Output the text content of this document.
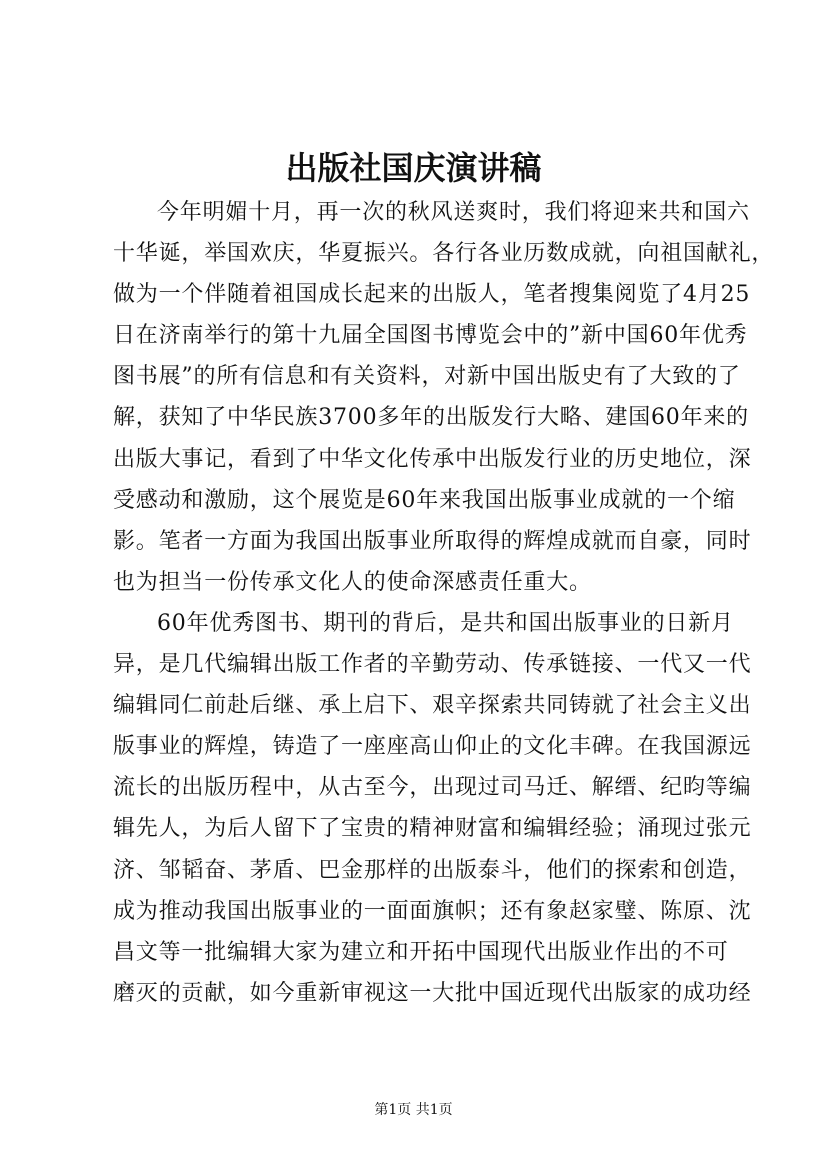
出版社国庆演讲稿
今年明媚十月，再一次的秋风送爽时，我们将迎来共和国六
十华诞，举国欢庆，华夏振兴。各行各业历数成就，向祖国献礼，
做为一个伴随着祖国成长起来的出版人，笔者搜集阅览了4月25
日在济南举行的第十九届全国图书博览会中的”新中国60年优秀
图书展”的所有信息和有关资料，对新中国出版史有了大致的了
解，获知了中华民族3700多年的出版发行大略、建国60年来的
出版大事记，看到了中华文化传承中出版发行业的历史地位，深
受感动和激励，这个展览是60年来我国出版事业成就的一个缩
影。笔者一方面为我国出版事业所取得的辉煌成就而自豪，同时
也为担当一份传承文化人的使命深感责任重大。
60年优秀图书、期刊的背后，是共和国出版事业的日新月
异，是几代编辑出版工作者的辛勤劳动、传承链接、一代又一代
编辑同仁前赴后继、承上启下、艰辛探索共同铸就了社会主义出
版事业的辉煌，铸造了一座座高山仰止的文化丰碑。在我国源远
流长的出版历程中，从古至今，出现过司马迁、解缙、纪昀等编
辑先人，为后人留下了宝贵的精神财富和编辑经验；涌现过张元
济、邹韬奋、茅盾、巴金那样的出版泰斗，他们的探索和创造，
成为推动我国出版事业的一面面旗帜；还有象赵家璧、陈原、沈
昌文等一批编辑大家为建立和开拓中国现代出版业作出的不可
磨灭的贡献，如今重新审视这一大批中国近现代出版家的成功经
第1页 共1页
